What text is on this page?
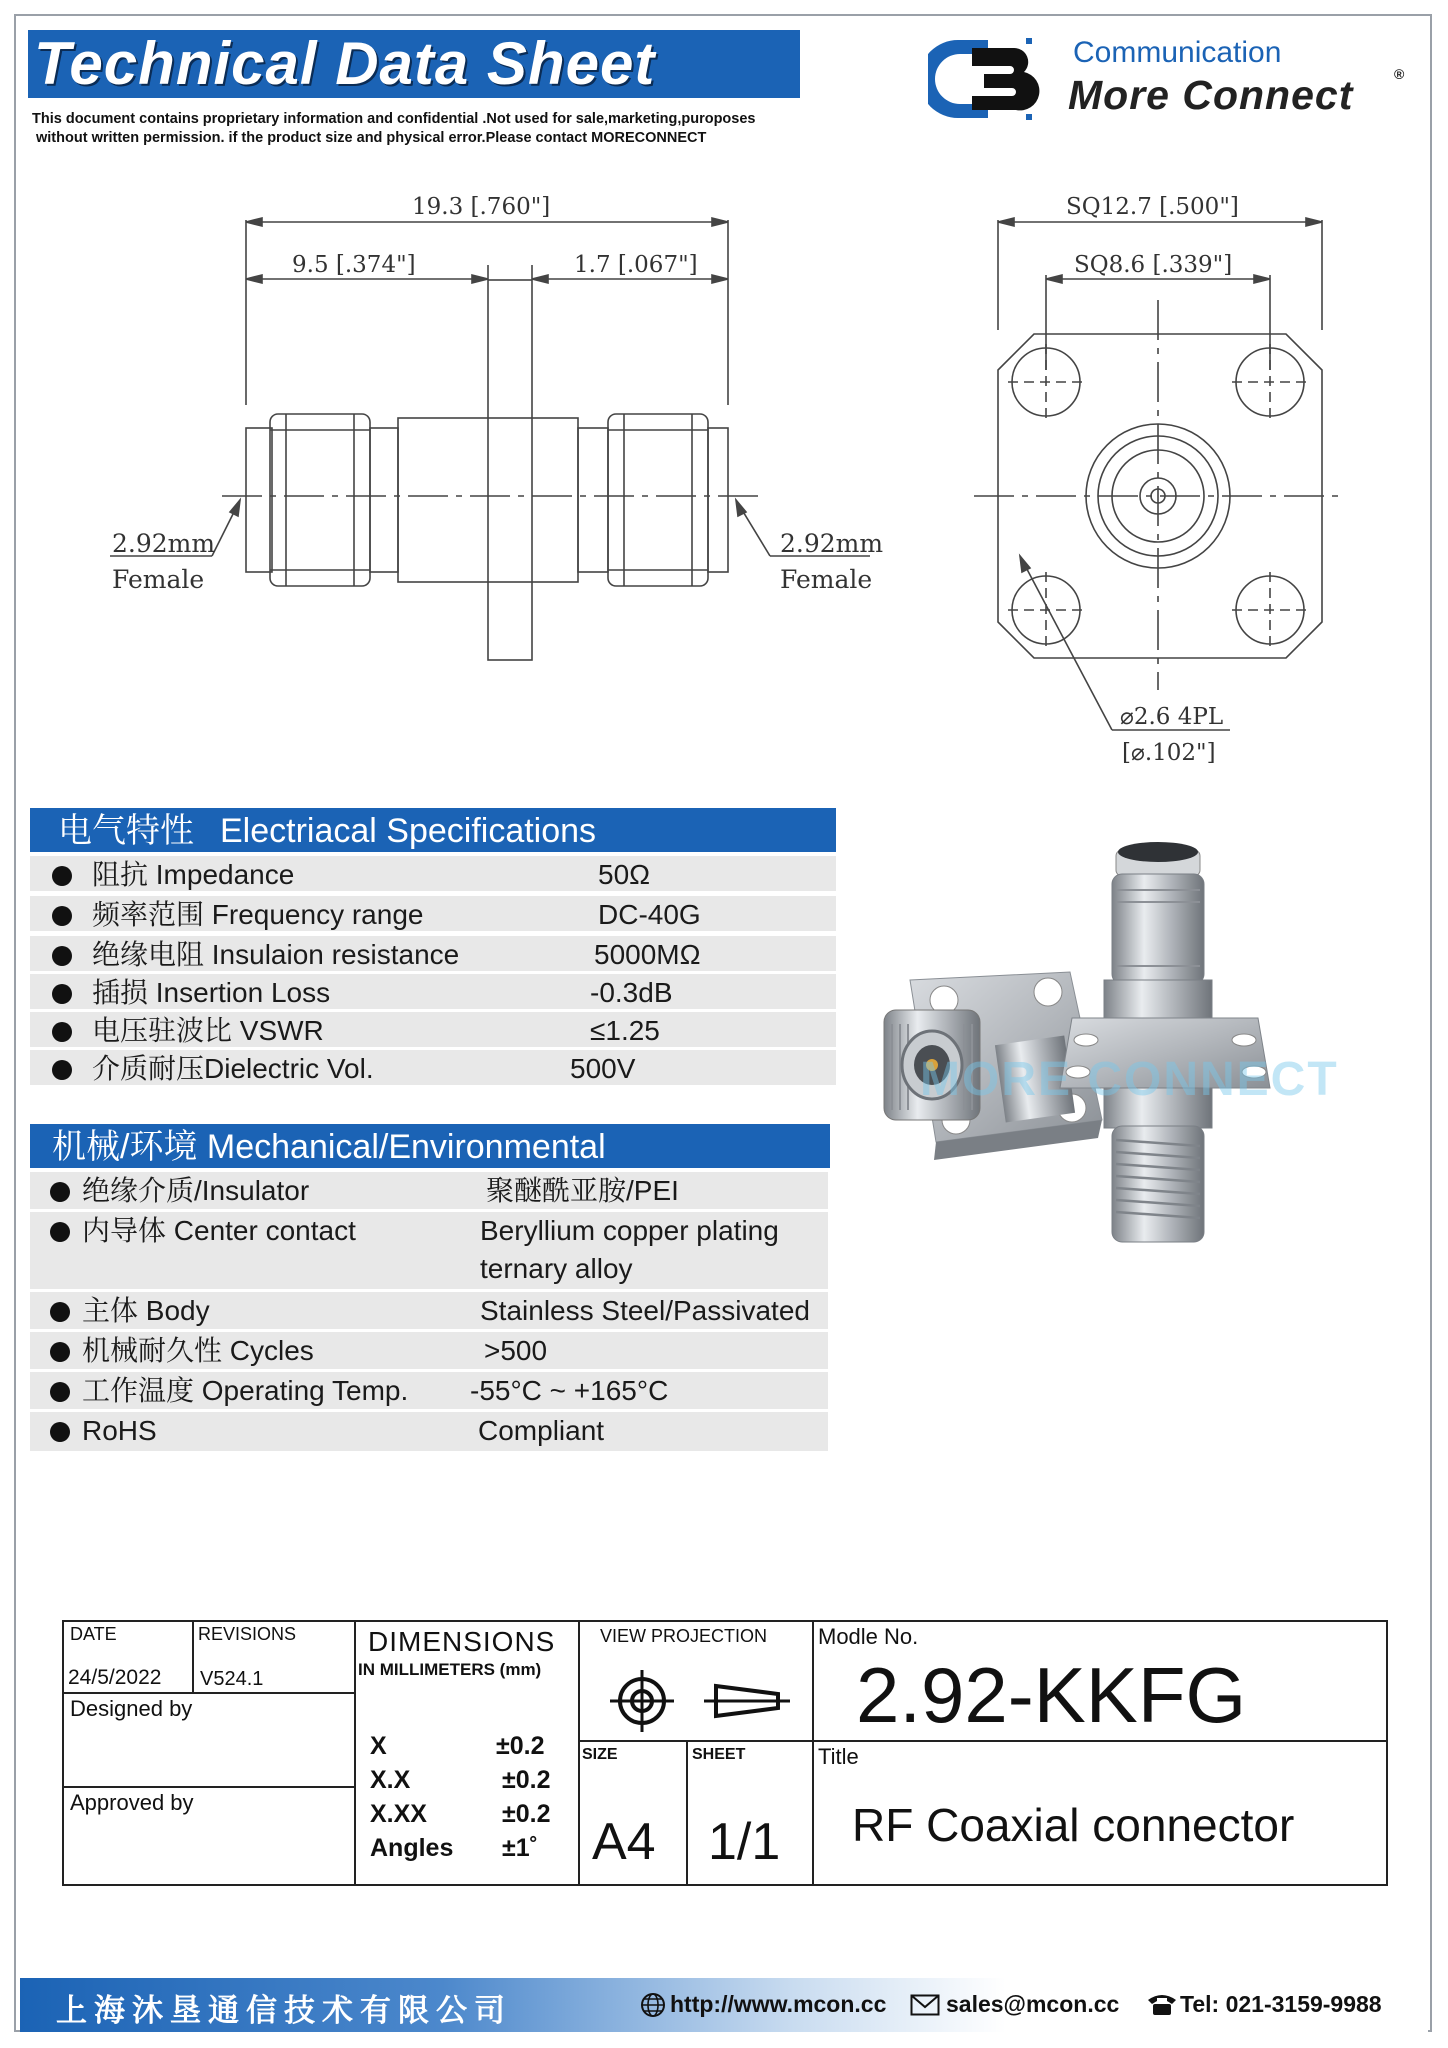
Technical Data Sheet
This document contains proprietary information and confidential .Not used for sale,marketing,puroposes
without written permission. if the product size and physical error.Please contact MORECONNECT
Communication
More Connect	®
19.3 [.760"]
9.5 [.374"]	1.7 [.067"]
2.92mm
Female
2.92mm
Female
SQ12.7 [.500"]
SQ8.6 [.339"]
⌀2.6 4PL
[⌀.102"]
电气特性 Electriacal Specifications
阻抗 Impedance	50Ω
频率范围 Frequency range	DC-40G
绝缘电阻 Insulaion resistance	5000MΩ
插损 Insertion Loss	-0.3dB
电压驻波比 VSWR	≤1.25
介质耐压Dielectric Vol.	500V
机械/环境 Mechanical/Environmental
绝缘介质/Insulator	聚醚酰亚胺/PEI
内导体 Center contact	Beryllium copper plating
ternary alloy
主体 Body	Stainless Steel/Passivated
机械耐久性 Cycles	>500
工作温度 Operating Temp. -55°C ~ +165°C
RoHS	Compliant
MORE CONNECT
DATE
24/5/2022
REVISIONS
V524.1
Designed by
Approved by
DIMENSIONS
IN MILLIMETERS (mm)
X	±0.2
X.X	±0.2
X.XX	±0.2
Angles ±1˚
VIEW PROJECTION
SIZE
A4
SHEET
1/1
Modle No.
2.92-KKFG
Title
RF Coaxial connector
上海沐垦通信技术有限公司	http://www.mcon.cc	sales@mcon.cc	Tel: 021-3159-9988
